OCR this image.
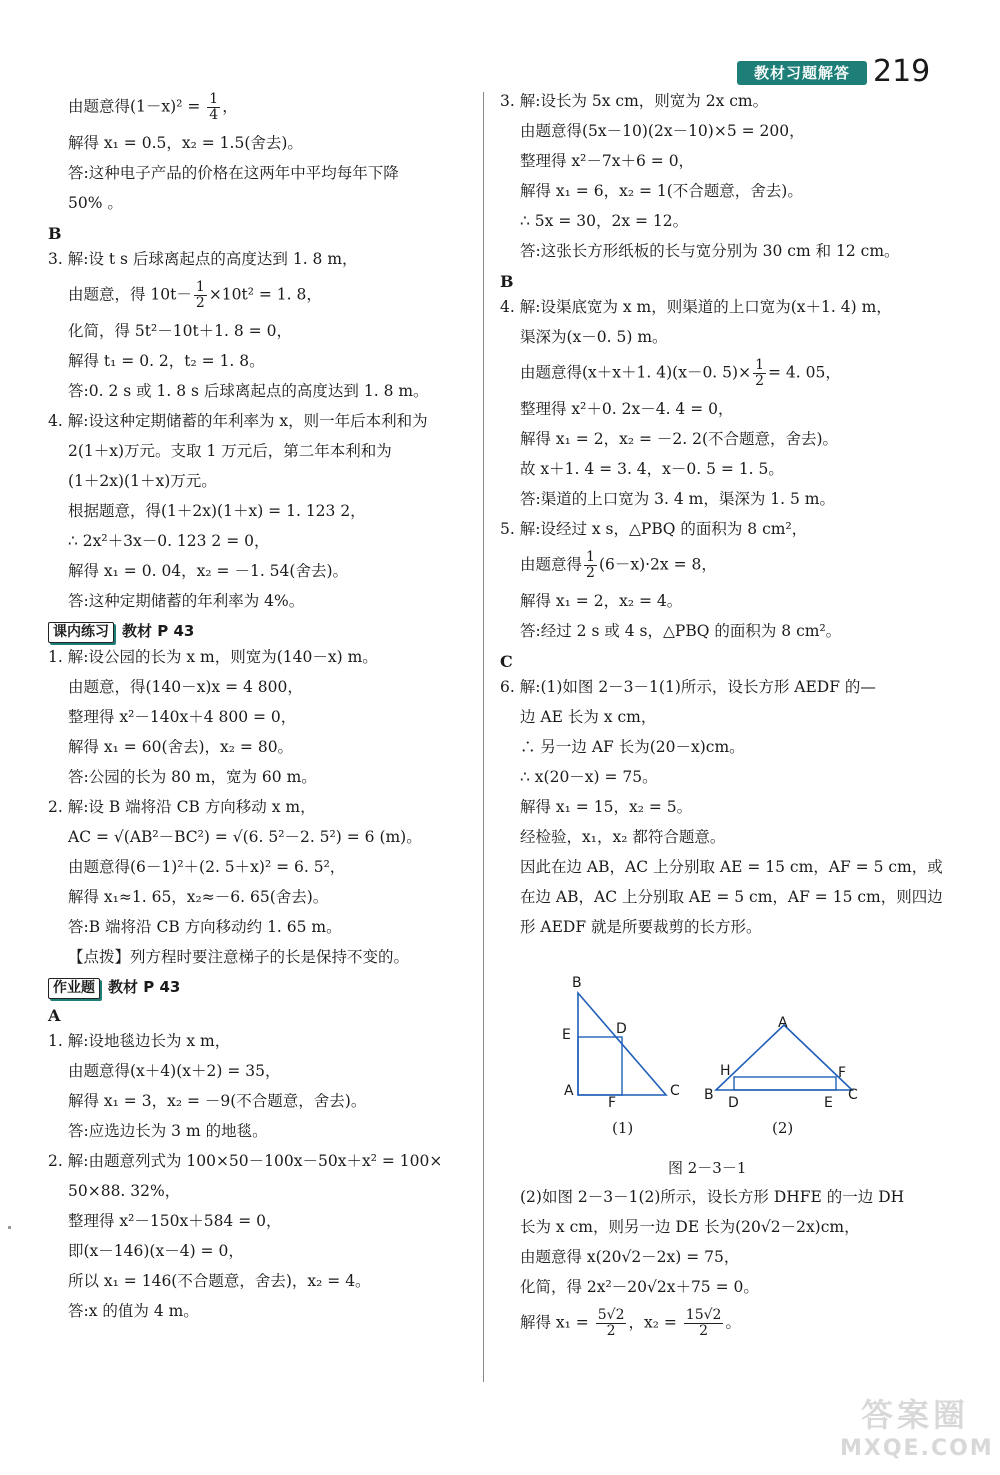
教材习题解答 219
由题意得$(1-x)^2 = \frac{1}{4}$ ，
解得 x₁ = 0.5，x₂ = 1.5(舍去)。
答:这种电子产品的价格在这两年中平均每年下降
50% 。
B
3. 解:设 t s 后球离起点的高度达到 1. 8 m，
由题意，得 $10t- \frac{1}{2} \times 10t^2 = 1$. 8，
化简，得 5t²－10t＋1. 8 = 0，
解得 t₁ = 0. 2，t₂ = 1. 8。
答:0. 2 s 或 1. 8 s 后球离起点的高度达到 1. 8 m。
4. 解:设这种定期储蓄的年利率为 x，则一年后本利和为
2(1＋x)万元。支取 1 万元后，第二年本利和为
(1＋2x)(1＋x)万元。
根据题意，得(1＋2x)(1＋x) = 1. 123 2，
∴ 2x²＋3x－0. 123 2 = 0，
解得 x₁ = 0. 04，x₂ = －1. 54(舍去)。
答:这种定期储蓄的年利率为 4%。
课内练习 教材 P 43
1. 解:设公园的长为 x m，则宽为(140－x) m。
由题意，得(140－x)x = 4 800，
整理得 x²－140x＋4 800 = 0，
解得 x₁ = 60(舍去)，x₂ = 80。
答:公园的长为 80 m，宽为 60 m。
2. 解:设 B 端将沿 CB 方向移动 x m，
AC = √(AB²－BC²) = √(6. 5²－2. 5²) = 6 (m)。
由题意得(6－1)²＋(2. 5＋x)² = 6. 5²，
解得 x₁≈1. 65，x₂≈－6. 65(舍去)。
答:B 端将沿 CB 方向移动约 1. 65 m。
【点拨】列方程时要注意梯子的长是保持不变的。
作业题 教材 P 43
A
1. 解:设地毯边长为 x m，
由题意得(x＋4)(x＋2) = 35，
解得 x₁ = 3，x₂ = －9(不合题意，舍去)。
答:应选边长为 3 m 的地毯。
2. 解:由题意列式为 100×50－100x－50x＋x² = 100×
50×88. 32%，
整理得 x²－150x＋584 = 0，
即(x－146)(x－4) = 0，
所以 x₁ = 146(不合题意，舍去)，x₂ = 4。
答:x 的值为 4 m。
3. 解:设长为 5x cm，则宽为 2x cm。
由题意得(5x－10)(2x－10)×5 = 200，
整理得 x²－7x＋6 = 0，
解得 x₁ = 6，x₂ = 1(不合题意，舍去)。
∴ 5x = 30，2x = 12。
答:这张长方形纸板的长与宽分别为 30 cm 和 12 cm。
B
4. 解:设渠底宽为 x m，则渠道的上口宽为(x＋1. 4) m，
渠深为(x－0. 5) m。
由题意得(x＋x＋1. 4)(x－0. $5)\times \frac{1}{2} = 4$. 05，
整理得 x²＋0. 2x－4. 4 = 0，
解得 x₁ = 2，x₂ = －2. 2(不合题意，舍去)。
故 x＋1. 4 = 3. 4，x－0. 5 = 1. 5。
答:渠道的上口宽为 3. 4 m，渠深为 1. 5 m。
5. 解:设经过 x s，△PBQ 的面积为 8 cm²，
由题意得 $\frac{1}{2} (6-x)\cdot 2x = 8$，
解得 x₁ = 2，x₂ = 4。
答:经过 2 s 或 4 s，△PBQ 的面积为 8 cm²。
C
6. 解:(1)如图 2－3－1(1)所示，设长方形 AEDF 的—
边 AE 长为 x cm，
∴ 另一边 AF 长为(20－x)cm。
∴ x(20－x) = 75。
解得 x₁ = 15，x₂ = 5。
经检验，x₁，x₂ 都符合题意。
因此在边 AB，AC 上分别取 AE = 15 cm，AF = 5 cm，或
在边 AB，AC 上分别取 AE = 5 cm，AF = 15 cm，则四边
形 AEDF 就是所要裁剪的长方形。
B
E	D
A
F
C
A
H	F
B D	E C
(1)	(2)
图 2－3－1
答案圈
MXQE.COM
(2)如图 2－3－1(2)所示，设长方形 DHFE 的一边 DH
长为 x cm，则另一边 DE 长为(20√2－2x)cm，
由题意得 x(20√2－2x) = 75，
化简，得 2x²－20√2x＋75 = 0。
解得 $x_1 = \frac{5√2}{2}$ ，$x_2 = \frac{15√2}{2}$ 。
